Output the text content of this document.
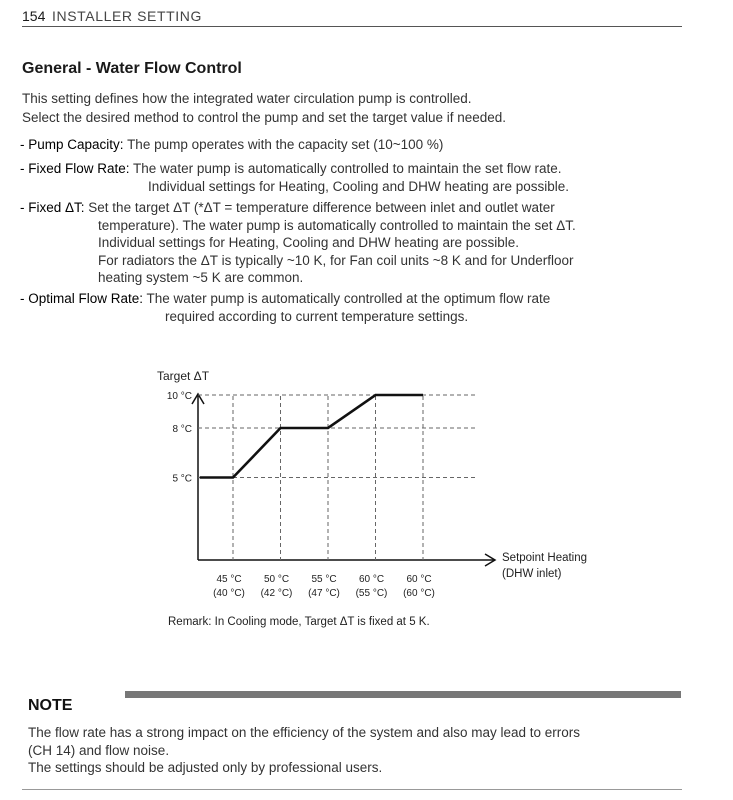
154 INSTALLER SETTING
General - Water Flow Control
This setting defines how the integrated water circulation pump is controlled.
Select the desired method to control the pump and set the target value if needed.
- Pump Capacity: The pump operates with the capacity set (10~100 %)
- Fixed Flow Rate: The water pump is automatically controlled to maintain the set flow rate.
Individual settings for Heating, Cooling and DHW heating are possible.
- Fixed ΔT: Set the target ΔT (*ΔT = temperature difference between inlet and outlet water
temperature). The water pump is automatically controlled to maintain the set ΔT.
Individual settings for Heating, Cooling and DHW heating are possible.
For radiators the ΔT is typically ~10 K, for Fan coil units ~8 K and for Underfloor
heating system ~5 K are common.
- Optimal Flow Rate: The water pump is automatically controlled at the optimum flow rate
required according to current temperature settings.
Target ΔT
Setpoint Heating
(DHW inlet)
5 °C
8 °C
10 °C
45 °C
(40 °C)
50 °C
(42 °C)
55 °C
(47 °C)
60 °C
(55 °C)
60 °C
(60 °C)
Remark: In Cooling mode, Target ΔT is fixed at 5 K.
NOTE
The flow rate has a strong impact on the efficiency of the system and also may lead to errors
(CH 14) and flow noise.
The settings should be adjusted only by professional users.
